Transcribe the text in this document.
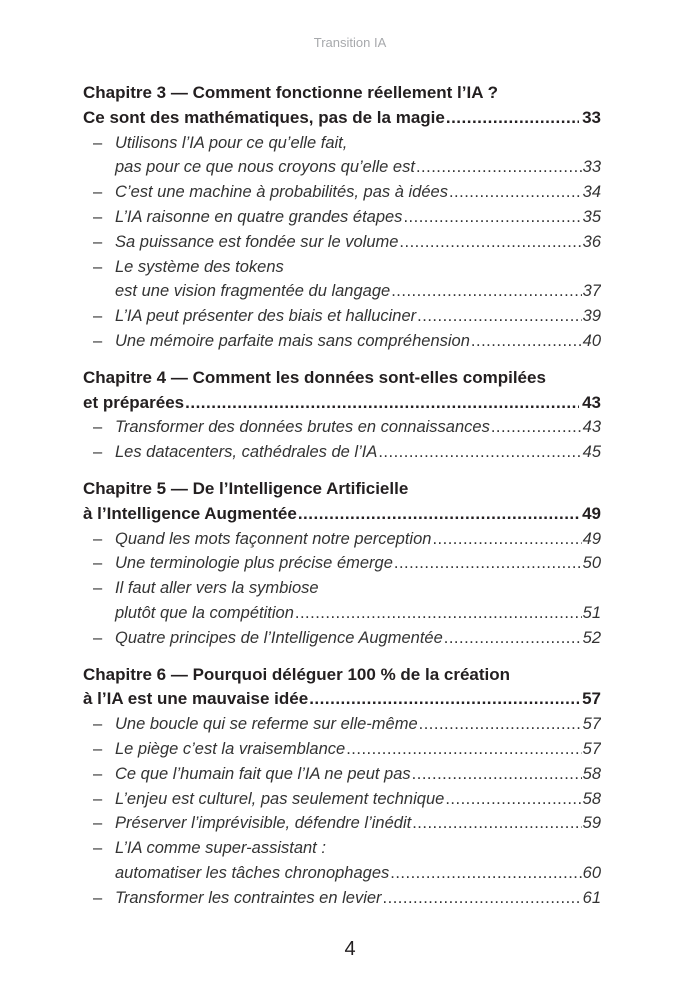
Transition IA
Chapitre 3 — Comment fonctionne réellement l’IA ?
Ce sont des mathématiques, pas de la magie .....	33
– Utilisons l’IA pour ce qu’elle fait,
pas pour ce que nous croyons qu’elle est .....	33
– C’est une machine à probabilités, pas à idées .....	34
– L’IA raisonne en quatre grandes étapes .....	35
– Sa puissance est fondée sur le volume .....	36
– Le système des tokens
est une vision fragmentée du langage .....	37
– L’IA peut présenter des biais et halluciner .....	39
– Une mémoire parfaite mais sans compréhension .....	40
Chapitre 4 — Comment les données sont-elles compilées
et préparées .....	43
– Transformer des données brutes en connaissances .....	43
– Les datacenters, cathédrales de l’IA .....	45
Chapitre 5 — De l’Intelligence Artificielle
à l’Intelligence Augmentée .....	49
– Quand les mots façonnent notre perception .....	49
– Une terminologie plus précise émerge .....	50
– Il faut aller vers la symbiose
plutôt que la compétition .....	51
– Quatre principes de l’Intelligence Augmentée .....	52
Chapitre 6 — Pourquoi déléguer 100 % de la création
à l’IA est une mauvaise idée .....	57
– Une boucle qui se referme sur elle-même .....	57
– Le piège c’est la vraisemblance .....	57
– Ce que l’humain fait que l’IA ne peut pas .....	58
– L’enjeu est culturel, pas seulement technique .....	58
– Préserver l’imprévisible, défendre l’inédit .....	59
– L’IA comme super-assistant :
automatiser les tâches chronophages .....	60
– Transformer les contraintes en levier .....	61
4
